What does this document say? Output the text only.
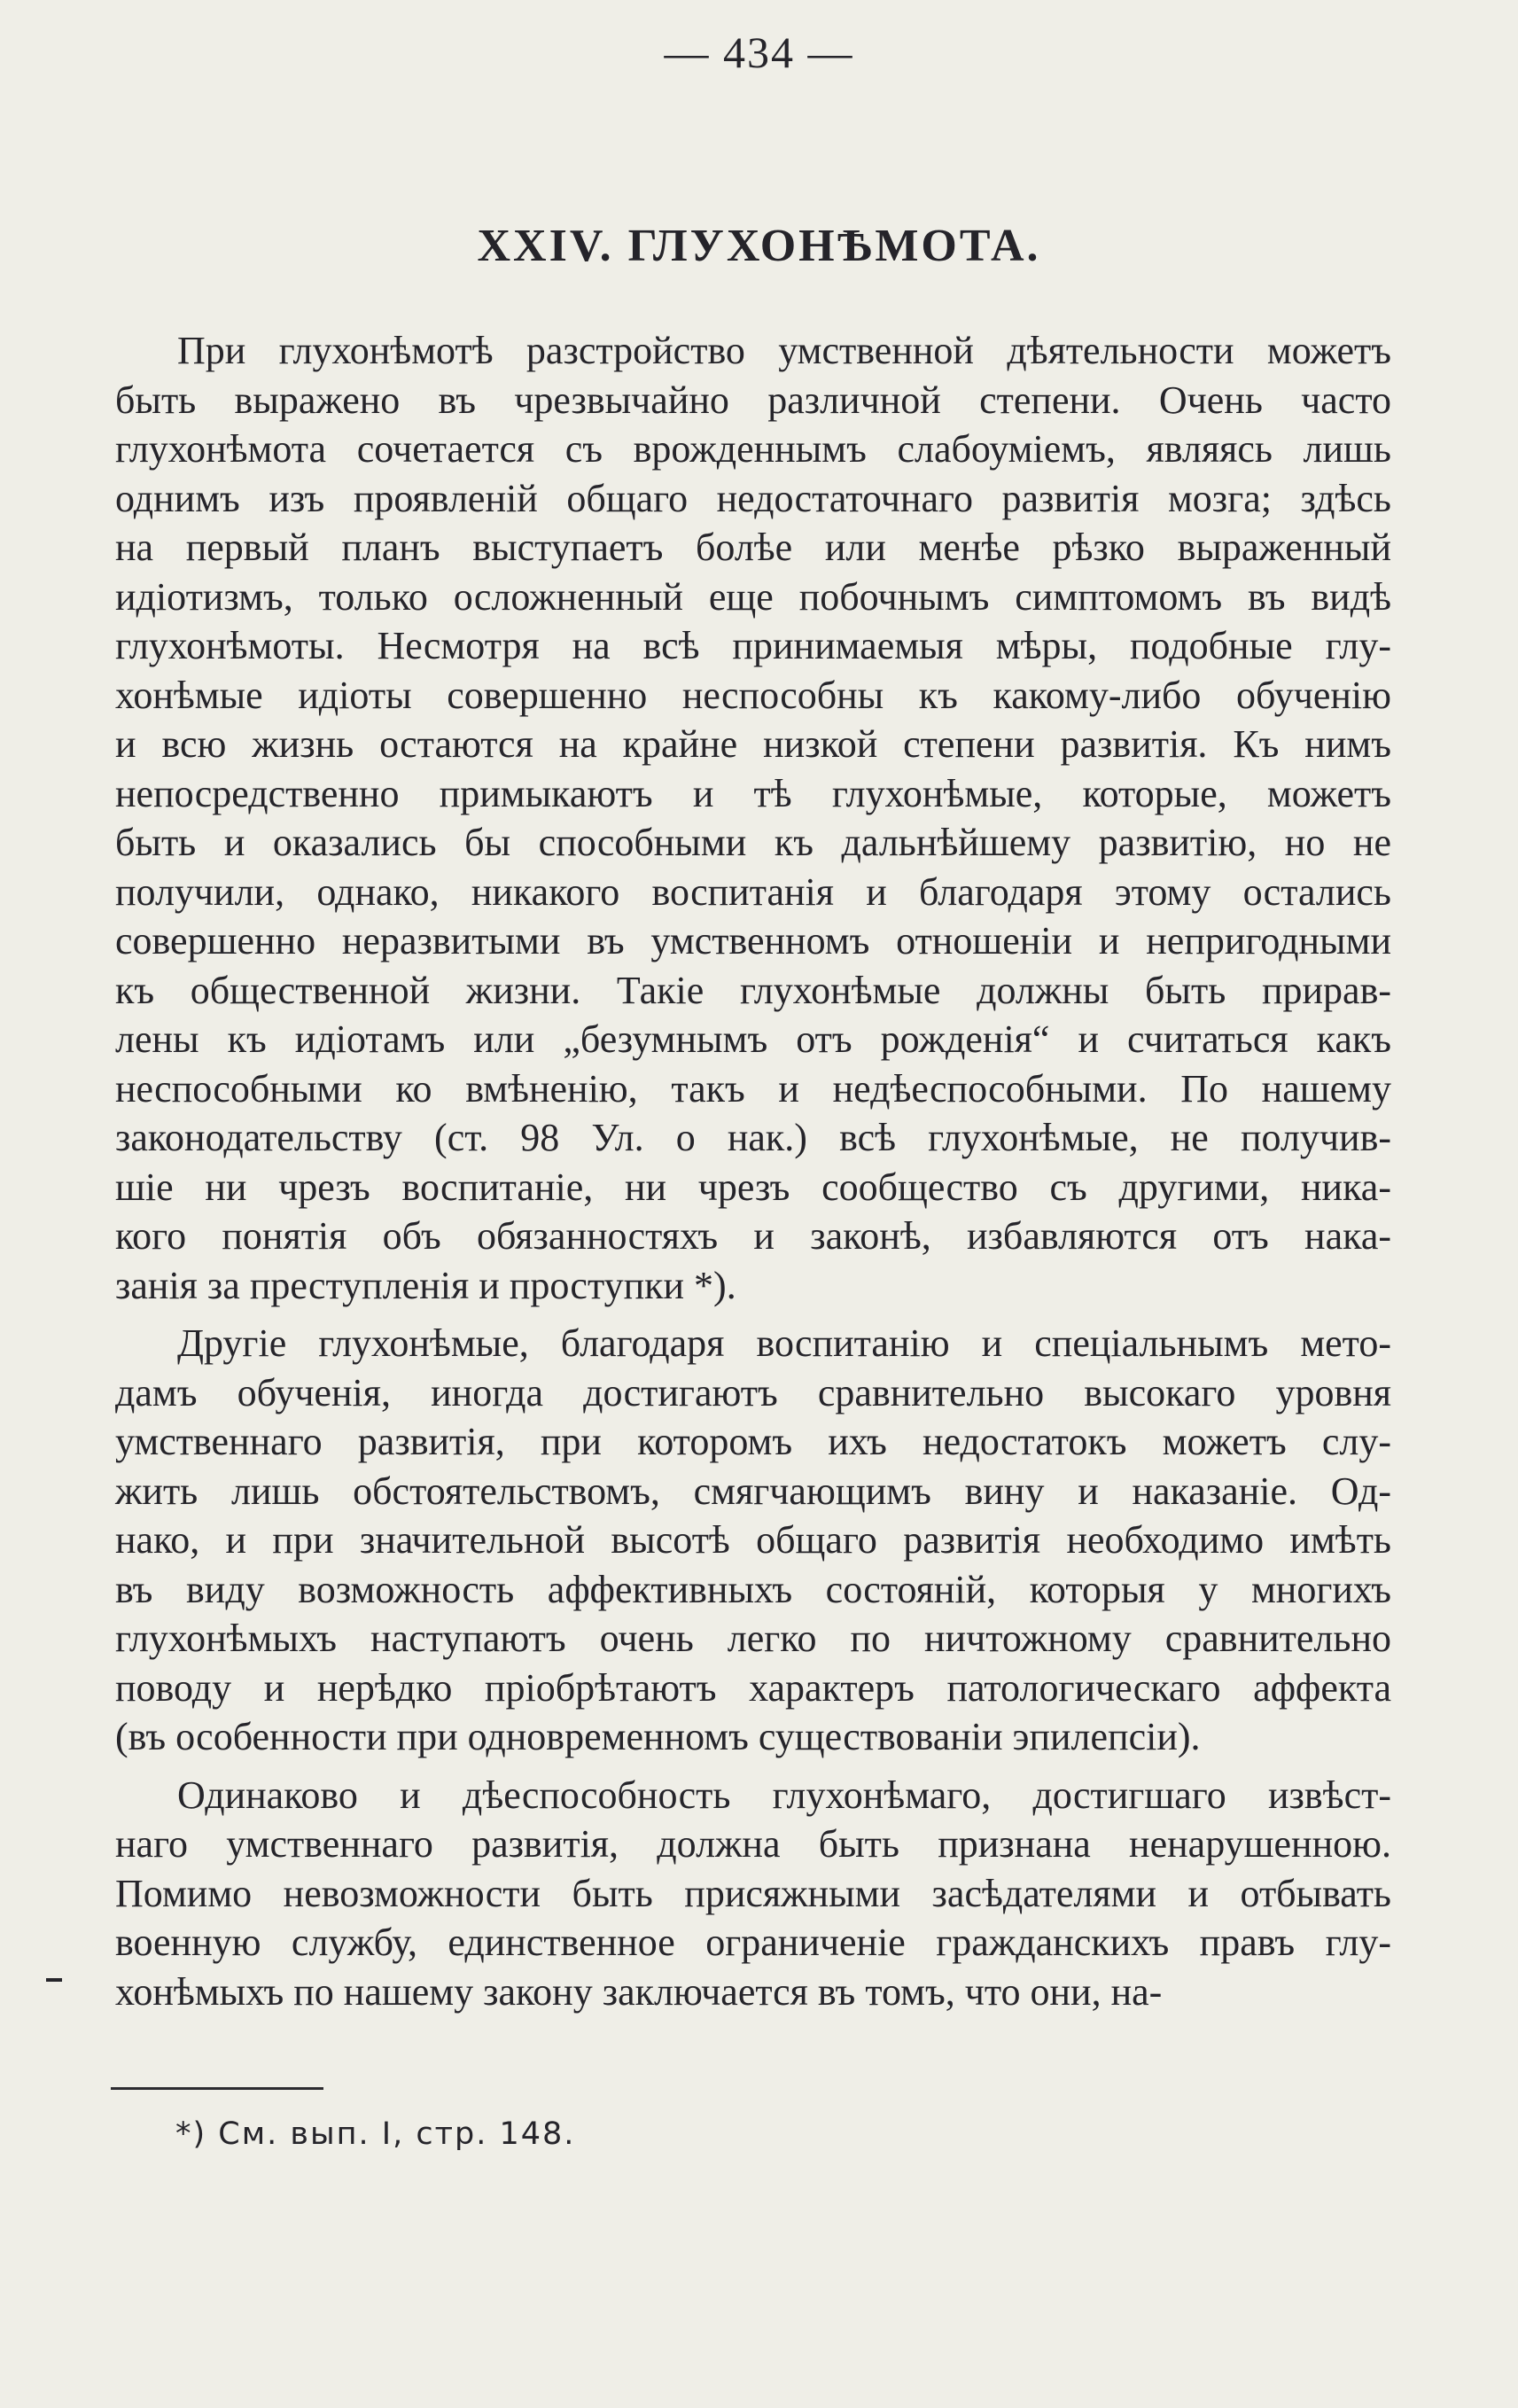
— 434 —
XXIV. ГЛУХОНѢМОТА.
При глухонѣмотѣ разстройство умственной дѣятельности можетъ
быть выражено въ чрезвычайно различной степени. Очень часто
глухонѣмота сочетается съ врожденнымъ слабоуміемъ, являясь лишь
однимъ изъ проявленій общаго недостаточнаго развитія мозга; здѣсь
на первый планъ выступаетъ болѣе или менѣе рѣзко выраженный
идіотизмъ, только осложненный еще побочнымъ симптомомъ въ видѣ
глухонѣмоты. Несмотря на всѣ принимаемыя мѣры, подобные глу-
хонѣмые идіоты совершенно неспособны къ какому-либо обученію
и всю жизнь остаются на крайне низкой степени развитія. Къ нимъ
непосредственно примыкаютъ и тѣ глухонѣмые, которые, можетъ
быть и оказались бы способными къ дальнѣйшему развитію, но не
получили, однако, никакого воспитанія и благодаря этому остались
совершенно неразвитыми въ умственномъ отношеніи и непригодными
къ общественной жизни. Такіе глухонѣмые должны быть прирав-
лены къ идіотамъ или „безумнымъ отъ рожденія“ и считаться какъ
неспособными ко вмѣненію, такъ и недѣеспособными. По нашему
законодательству (ст. 98 Ул. о нак.) всѣ глухонѣмые, не получив-
шіе ни чрезъ воспитаніе, ни чрезъ сообщество съ другими, ника-
кого понятія объ обязанностяхъ и законѣ, избавляются отъ нака-
занія за преступленія и проступки *).
Другіе глухонѣмые, благодаря воспитанію и спеціальнымъ мето-
дамъ обученія, иногда достигаютъ сравнительно высокаго уровня
умственнаго развитія, при которомъ ихъ недостатокъ можетъ слу-
жить лишь обстоятельствомъ, смягчающимъ вину и наказаніе. Од-
нако, и при значительной высотѣ общаго развитія необходимо имѣть
въ виду возможность аффективныхъ состояній, которыя у многихъ
глухонѣмыхъ наступаютъ очень легко по ничтожному сравнительно
поводу и нерѣдко пріобрѣтаютъ характеръ патологическаго аффекта
(въ особенности при одновременномъ существованіи эпилепсіи).
Одинаково и дѣеспособность глухонѣмаго, достигшаго извѣст-
наго умственнаго развитія, должна быть признана ненарушенною.
Помимо невозможности быть присяжными засѣдателями и отбывать
военную службу, единственное ограниченіе гражданскихъ правъ глу-
хонѣмыхъ по нашему закону заключается въ томъ, что они, на-
*) См. вып. I, стр. 148.
